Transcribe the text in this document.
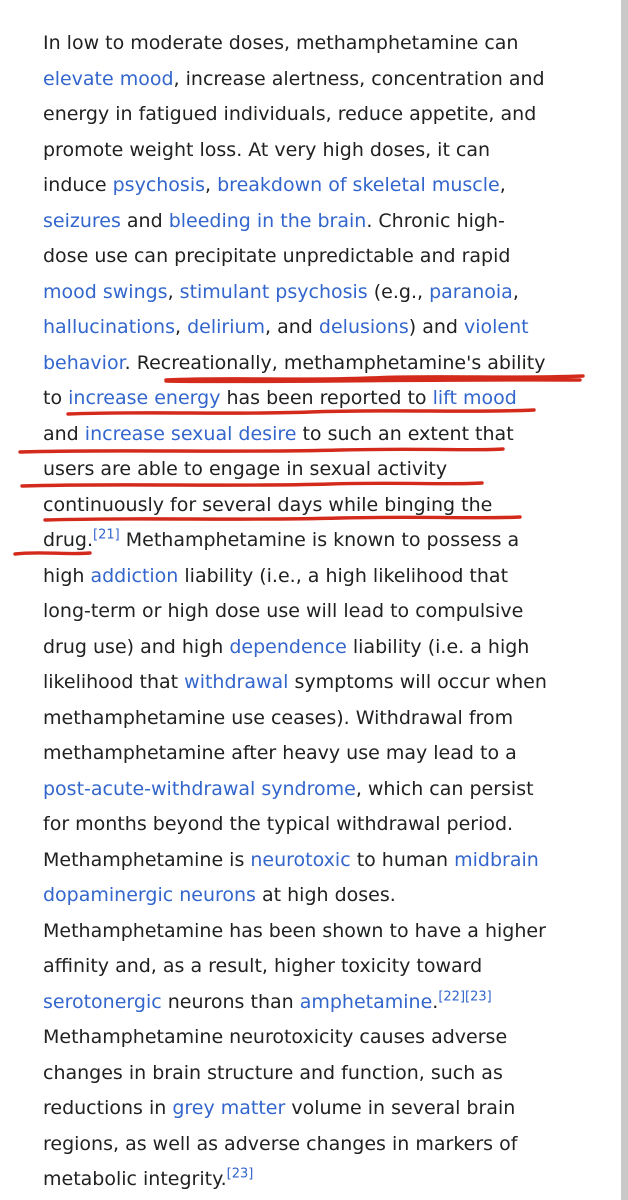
In low to moderate doses, methamphetamine can
elevate mood, increase alertness, concentration and
energy in fatigued individuals, reduce appetite, and
promote weight loss. At very high doses, it can
induce psychosis, breakdown of skeletal muscle,
seizures and bleeding in the brain. Chronic high-
dose use can precipitate unpredictable and rapid
mood swings, stimulant psychosis (e.g., paranoia,
hallucinations, delirium, and delusions) and violent
behavior. Recreationally, methamphetamine's ability
to increase energy has been reported to lift mood
and increase sexual desire to such an extent that
users are able to engage in sexual activity
continuously for several days while binging the
drug.[21] Methamphetamine is known to possess a
high addiction liability (i.e., a high likelihood that
long-term or high dose use will lead to compulsive
drug use) and high dependence liability (i.e. a high
likelihood that withdrawal symptoms will occur when
methamphetamine use ceases). Withdrawal from
methamphetamine after heavy use may lead to a
post-acute-withdrawal syndrome, which can persist
for months beyond the typical withdrawal period.
Methamphetamine is neurotoxic to human midbrain
dopaminergic neurons at high doses.
Methamphetamine has been shown to have a higher
affinity and, as a result, higher toxicity toward
serotonergic neurons than amphetamine.[22][23]
Methamphetamine neurotoxicity causes adverse
changes in brain structure and function, such as
reductions in grey matter volume in several brain
regions, as well as adverse changes in markers of
metabolic integrity.[23]
